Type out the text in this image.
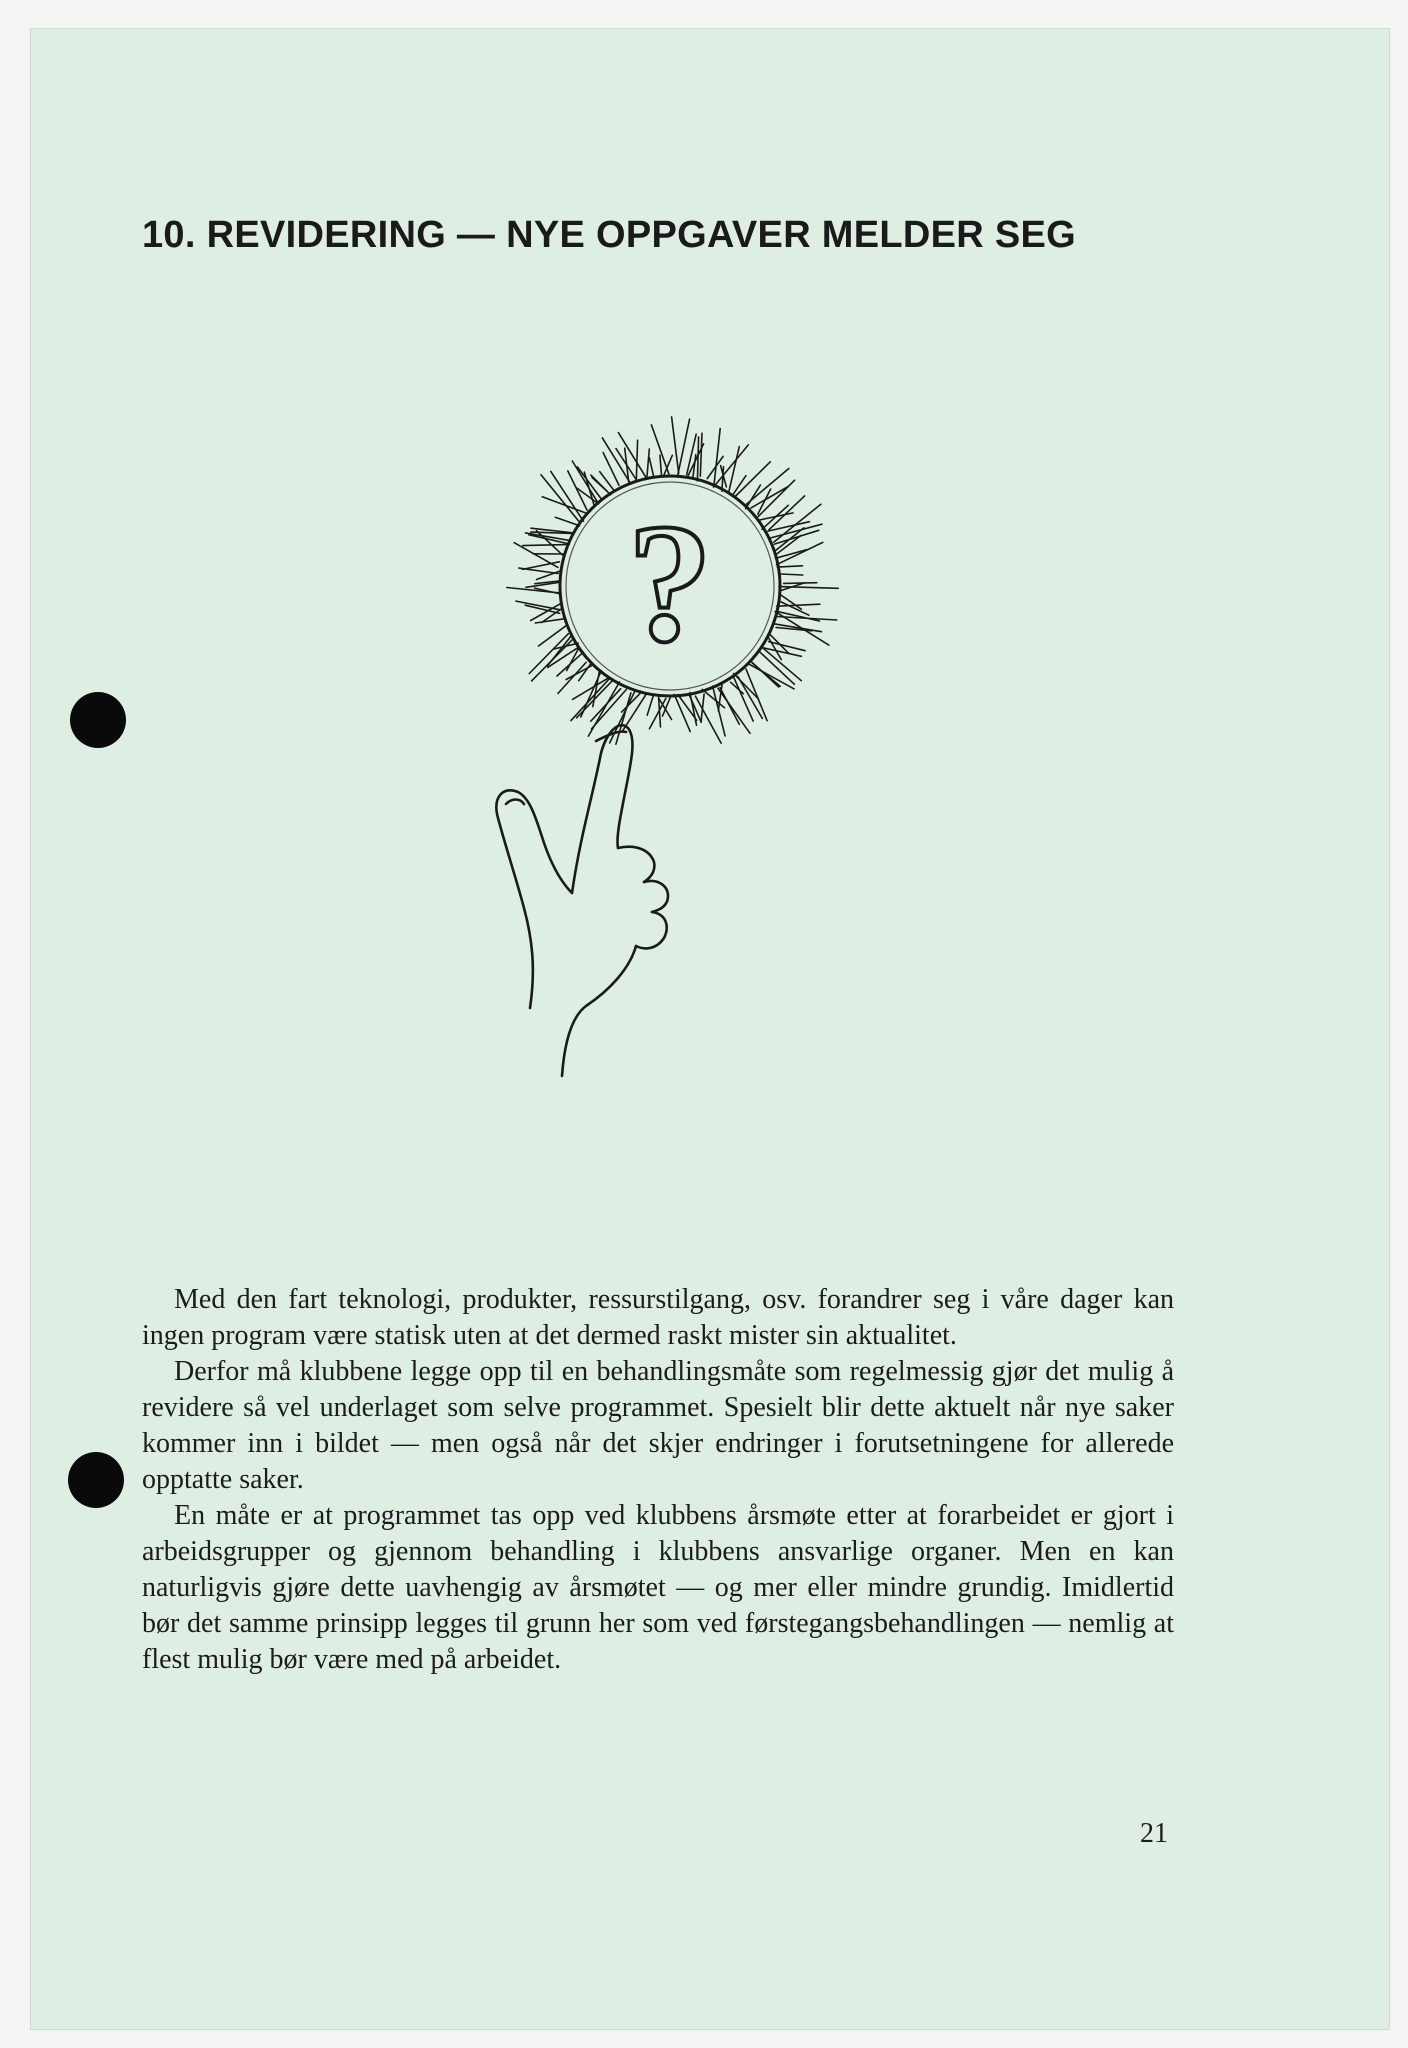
10. REVIDERING — NYE OPPGAVER MELDER SEG
?

Med den fart teknologi, produkter, ressurstilgang, osv. forandrer seg i våre dager kan ingen program være statisk uten at det dermed raskt mister sin aktualitet.

Derfor må klubbene legge opp til en behandlingsmåte som regelmessig gjør det mulig å revidere så vel underlaget som selve programmet. Spesielt blir dette aktuelt når nye saker kommer inn i bildet — men også når det skjer endringer i forutsetningene for allerede opptatte saker.

En måte er at programmet tas opp ved klubbens årsmøte etter at forarbeidet er gjort i arbeidsgrupper og gjennom behandling i klubbens ansvarlige organer. Men en kan naturligvis gjøre dette uavhengig av årsmøtet — og mer eller mindre grundig. Imidlertid bør det samme prinsipp legges til grunn her som ved førstegangsbehandlingen — nemlig at flest mulig bør være med på arbeidet.

21
